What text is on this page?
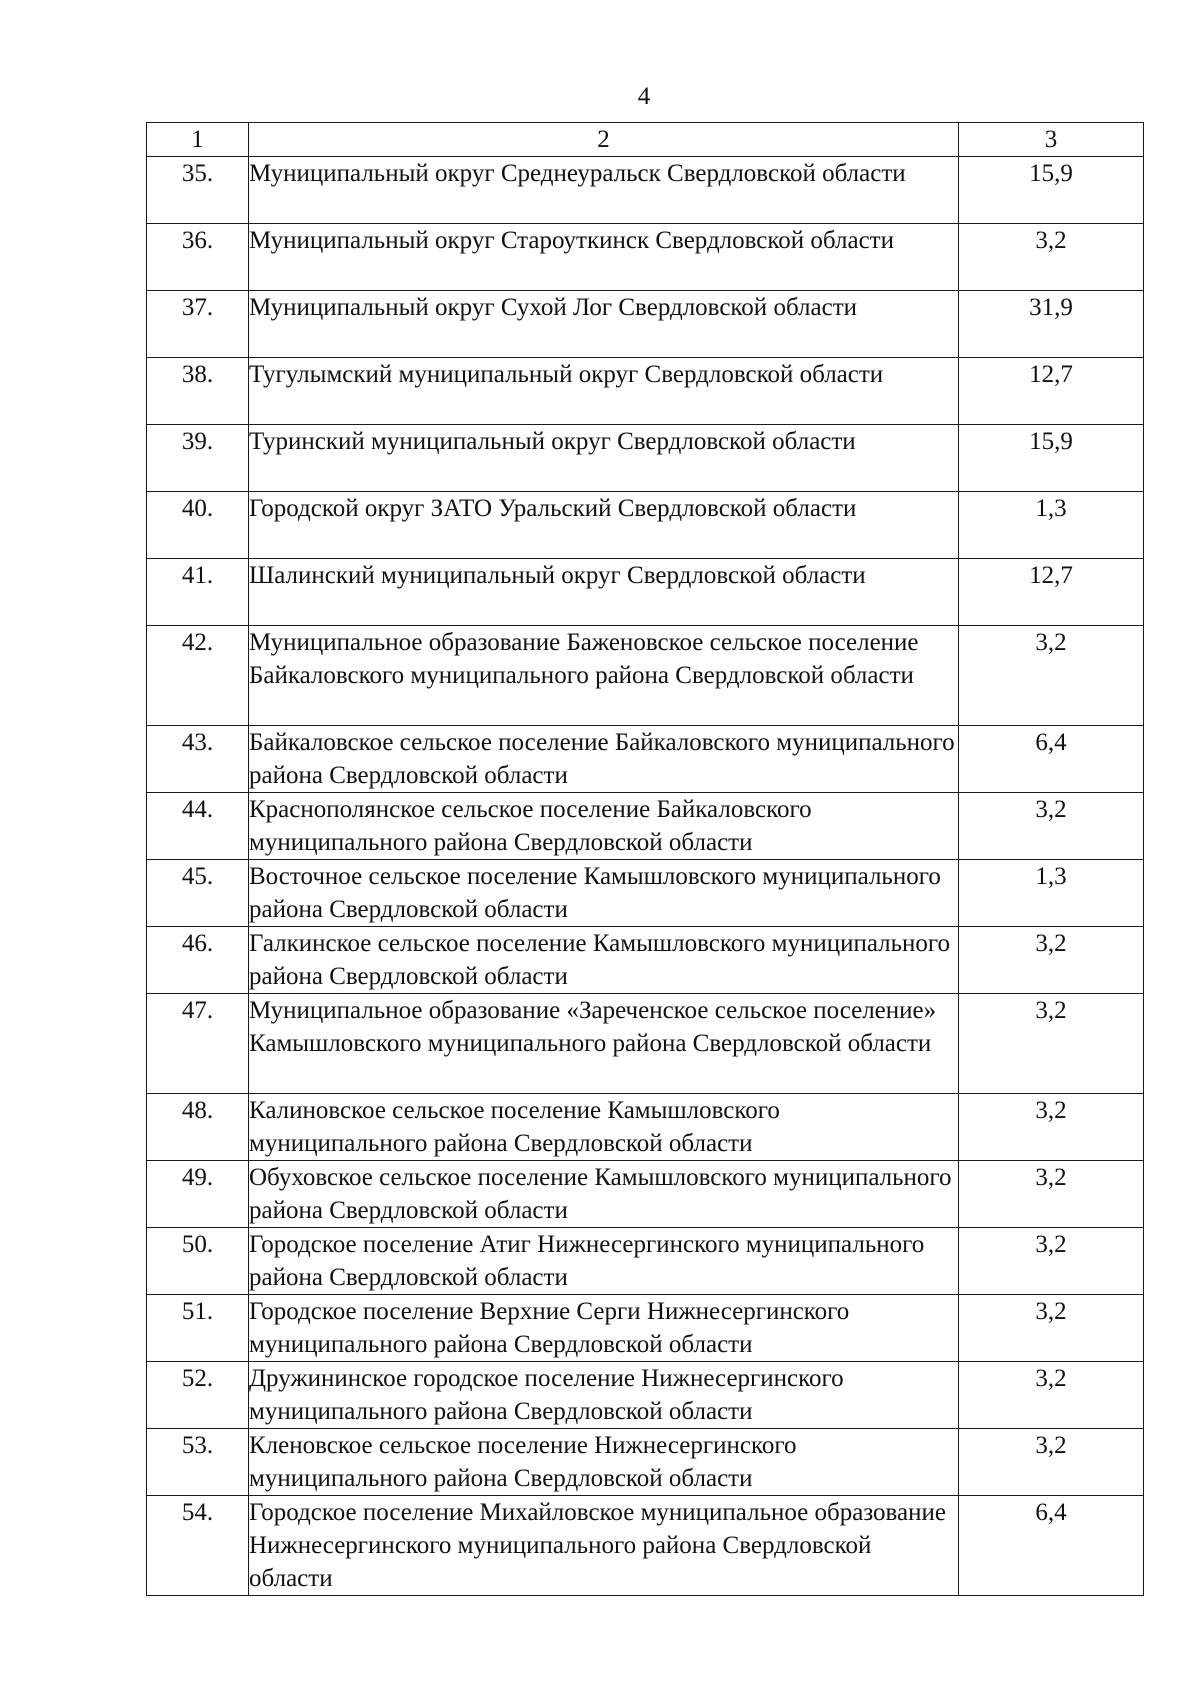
4
1	2	3
35.	Муниципальный округ Среднеуральск Свердловской области	15,9
36.	Муниципальный округ Староуткинск Свердловской области	3,2
37.	Муниципальный округ Сухой Лог Свердловской области	31,9
38.	Тугулымский муниципальный округ Свердловской области	12,7
39.	Туринский муниципальный округ Свердловской области	15,9
40.	Городской округ ЗАТО Уральский Свердловской области	1,3
41.	Шалинский муниципальный округ Свердловской области	12,7
42.	Муниципальное образование Баженовское сельское поселение Байкаловского муниципального района Свердловской области	3,2
43.	Байкаловское сельское поселение Байкаловского муниципального района Свердловской области	6,4
44.	Краснополянское сельское поселение Байкаловского муниципального района Свердловской области	3,2
45.	Восточное сельское поселение Камышловского муниципального района Свердловской области	1,3
46.	Галкинское сельское поселение Камышловского муниципального района Свердловской области	3,2
47.	Муниципальное образование «Зареченское сельское поселение» Камышловского муниципального района Свердловской области	3,2
48.	Калиновское сельское поселение Камышловского муниципального района Свердловской области	3,2
49.	Обуховское сельское поселение Камышловского муниципального района Свердловской области	3,2
50.	Городское поселение Атиг Нижнесергинского муниципального района Свердловской области	3,2
51.	Городское поселение Верхние Серги Нижнесергинского муниципального района Свердловской области	3,2
52.	Дружининское городское поселение Нижнесергинского муниципального района Свердловской области	3,2
53.	Кленовское сельское поселение Нижнесергинского муниципального района Свердловской области	3,2
54.	Городское поселение Михайловское муниципальное образование Нижнесергинского муниципального района Свердловской области	6,4
